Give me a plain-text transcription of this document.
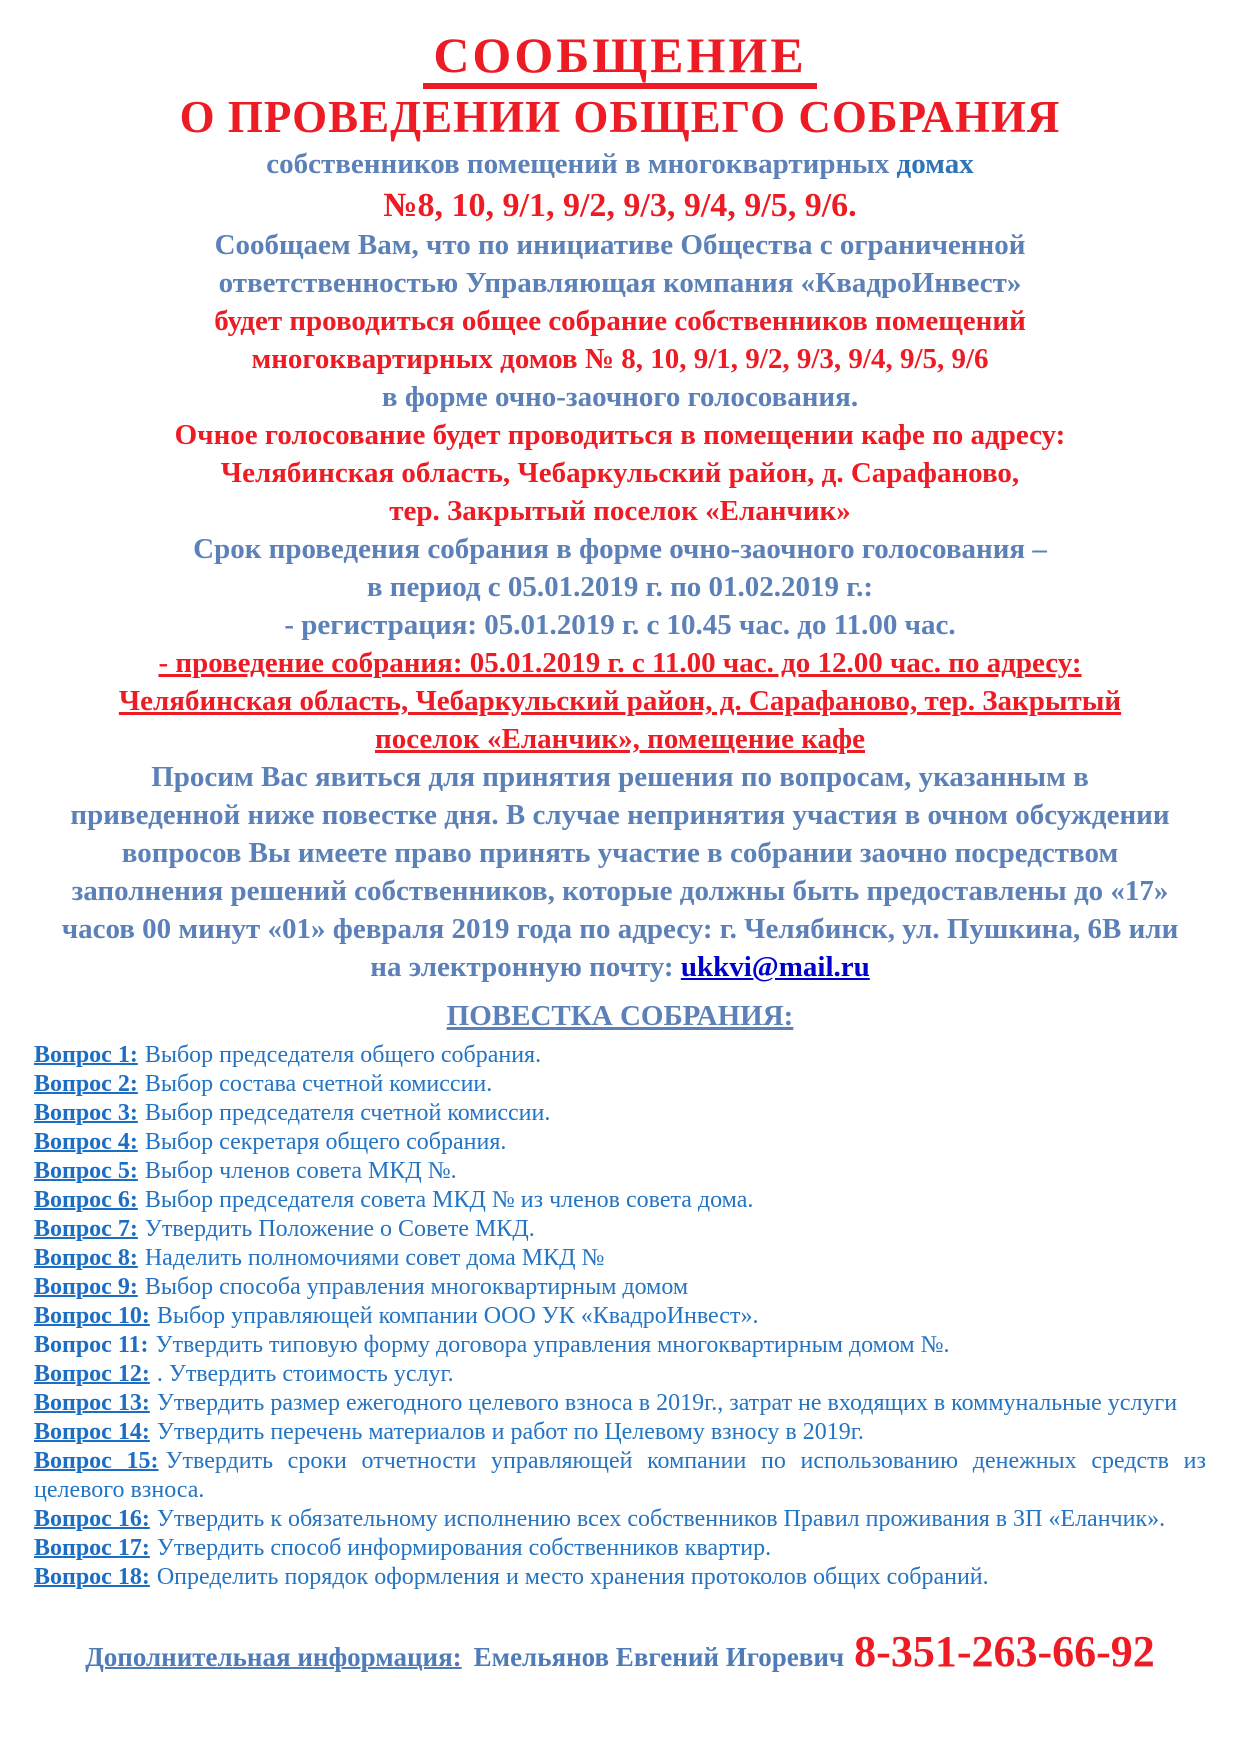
СООБЩЕНИЕ
О ПРОВЕДЕНИИ ОБЩЕГО СОБРАНИЯ
собственников помещений в многоквартирных домах
№8, 10, 9/1, 9/2, 9/3, 9/4, 9/5, 9/6.
Сообщаем Вам, что по инициативе Общества с ограниченной
ответственностью Управляющая компания «КвадроИнвест»
будет проводиться общее собрание собственников помещений
многоквартирных домов № 8, 10, 9/1, 9/2, 9/3, 9/4, 9/5, 9/6
в форме очно-заочного голосования.
Очное голосование будет проводиться в помещении кафе по адресу:
Челябинская область, Чебаркульский район, д. Сарафаново,
тер. Закрытый поселок «Еланчик»
Срок проведения собрания в форме очно-заочного голосования –
в период с 05.01.2019 г. по 01.02.2019 г.:
- регистрация: 05.01.2019 г. с 10.45 час. до 11.00 час.
- проведение собрания: 05.01.2019 г. с 11.00 час. до 12.00 час. по адресу:
Челябинская область, Чебаркульский район, д. Сарафаново, тер. Закрытый
поселок «Еланчик», помещение кафе
Просим Вас явиться для принятия решения по вопросам, указанным в
приведенной ниже повестке дня. В случае непринятия участия в очном обсуждении
вопросов Вы имеете право принять участие в собрании заочно посредством
заполнения решений собственников, которые должны быть предоставлены до «17»
часов 00 минут «01» февраля 2019 года по адресу: г. Челябинск, ул. Пушкина, 6В или
на электронную почту: ukkvi@mail.ru
ПОВЕСТКА СОБРАНИЯ:
Вопрос 1: Выбор председателя общего собрания.
Вопрос 2: Выбор состава счетной комиссии.
Вопрос 3: Выбор председателя счетной комиссии.
Вопрос 4: Выбор секретаря общего собрания.
Вопрос 5: Выбор членов совета МКД №.
Вопрос 6: Выбор председателя совета МКД № из членов совета дома.
Вопрос 7: Утвердить Положение о Совете МКД.
Вопрос 8: Наделить полномочиями совет дома МКД №
Вопрос 9: Выбор способа управления многоквартирным домом
Вопрос 10: Выбор управляющей компании ООО УК «КвадроИнвест».
Вопрос 11: Утвердить типовую форму договора управления многоквартирным домом №.
Вопрос 12: . Утвердить стоимость услуг.
Вопрос 13: Утвердить размер ежегодного целевого взноса в 2019г., затрат не входящих в коммунальные услуги
Вопрос 14: Утвердить перечень материалов и работ по Целевому взносу в 2019г.
Вопрос 15: Утвердить сроки отчетности управляющей компании по использованию денежных средств из целевого взноса.
Вопрос 16: Утвердить к обязательному исполнению всех собственников Правил проживания в ЗП «Еланчик».
Вопрос 17: Утвердить способ информирования собственников квартир.
Вопрос 18: Определить порядок оформления и место хранения протоколов общих собраний.
Дополнительная информация: Емельянов Евгений Игоревич 8-351-263-66-92
